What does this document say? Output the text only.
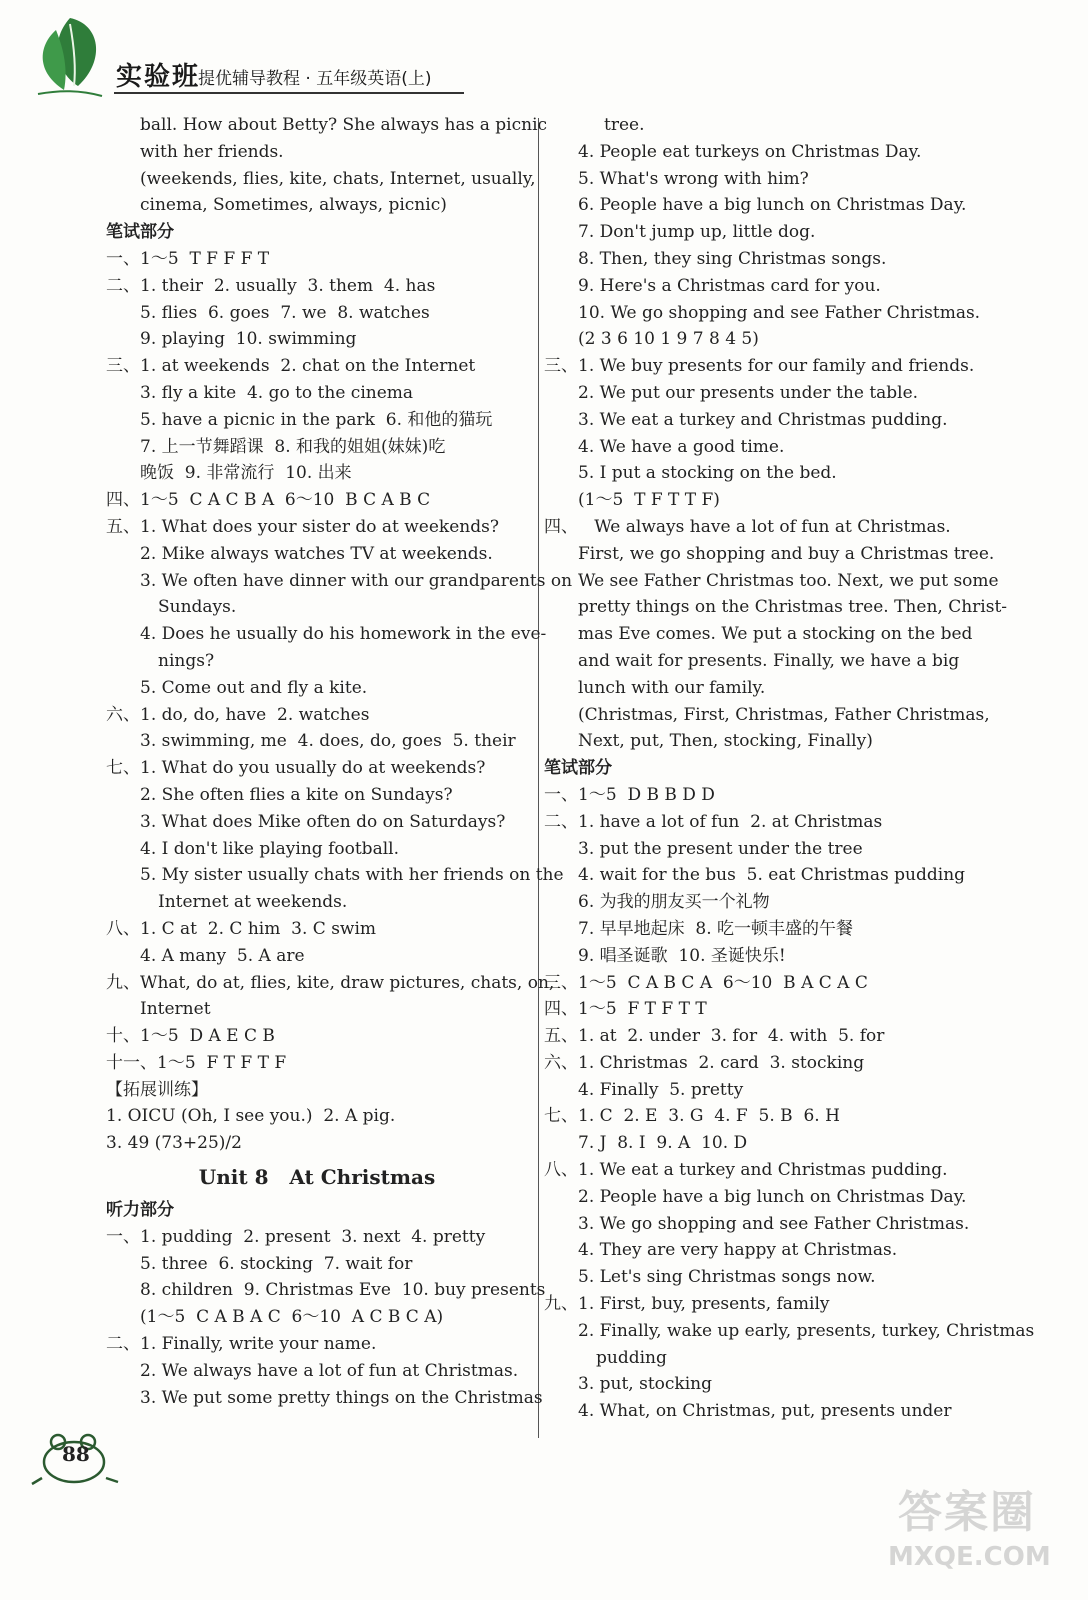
实验班
提优辅导教程 · 五年级英语(上)
ball. How about Betty? She always has a picnic
with her friends.
(weekends, flies, kite, chats, Internet, usually,
cinema, Sometimes, always, picnic)
笔试部分
一、1～5  T F F F T
二、1. their  2. usually  3. them  4. has
5. flies  6. goes  7. we  8. watches
9. playing  10. swimming
三、1. at weekends  2. chat on the Internet
3. fly a kite  4. go to the cinema
5. have a picnic in the park  6. 和他的猫玩
7. 上一节舞蹈课  8. 和我的姐姐(妹妹)吃
晚饭  9. 非常流行  10. 出来
四、1～5  C A C B A  6～10  B C A B C
五、1. What does your sister do at weekends?
2. Mike always watches TV at weekends.
3. We often have dinner with our grandparents on
Sundays.
4. Does he usually do his homework in the eve-
nings?
5. Come out and fly a kite.
六、1. do, do, have  2. watches
3. swimming, me  4. does, do, goes  5. their
七、1. What do you usually do at weekends?
2. She often flies a kite on Sundays?
3. What does Mike often do on Saturdays?
4. I don't like playing football.
5. My sister usually chats with her friends on the
Internet at weekends.
八、1. C at  2. C him  3. C swim
4. A many  5. A are
九、What, do at, flies, kite, draw pictures, chats, on,
Internet
十、1～5  D A E C B
十一、1～5  F T F T F
【拓展训练】
1. OICU (Oh, I see you.)  2. A pig.
3. 49 (73+25)/2
Unit 8   At Christmas
听力部分
一、1. pudding  2. present  3. next  4. pretty
5. three  6. stocking  7. wait for
8. children  9. Christmas Eve  10. buy presents
(1～5  C A B A C  6～10  A C B C A)
二、1. Finally, write your name.
2. We always have a lot of fun at Christmas.
3. We put some pretty things on the Christmas
tree.
4. People eat turkeys on Christmas Day.
5. What's wrong with him?
6. People have a big lunch on Christmas Day.
7. Don't jump up, little dog.
8. Then, they sing Christmas songs.
9. Here's a Christmas card for you.
10. We go shopping and see Father Christmas.
(2 3 6 10 1 9 7 8 4 5)
三、1. We buy presents for our family and friends.
2. We put our presents under the table.
3. We eat a turkey and Christmas pudding.
4. We have a good time.
5. I put a stocking on the bed.
(1～5  T F T T F)
四、   We always have a lot of fun at Christmas.
First, we go shopping and buy a Christmas tree.
We see Father Christmas too. Next, we put some
pretty things on the Christmas tree. Then, Christ-
mas Eve comes. We put a stocking on the bed
and wait for presents. Finally, we have a big
lunch with our family.
(Christmas, First, Christmas, Father Christmas,
Next, put, Then, stocking, Finally)
笔试部分
一、1～5  D B B D D
二、1. have a lot of fun  2. at Christmas
3. put the present under the tree
4. wait for the bus  5. eat Christmas pudding
6. 为我的朋友买一个礼物
7. 早早地起床  8. 吃一顿丰盛的午餐
9. 唱圣诞歌  10. 圣诞快乐!
三、1～5  C A B C A  6～10  B A C A C
四、1～5  F T F T T
五、1. at  2. under  3. for  4. with  5. for
六、1. Christmas  2. card  3. stocking
4. Finally  5. pretty
七、1. C  2. E  3. G  4. F  5. B  6. H
7. J  8. I  9. A  10. D
八、1. We eat a turkey and Christmas pudding.
2. People have a big lunch on Christmas Day.
3. We go shopping and see Father Christmas.
4. They are very happy at Christmas.
5. Let's sing Christmas songs now.
九、1. First, buy, presents, family
2. Finally, wake up early, presents, turkey, Christmas
pudding
3. put, stocking
4. What, on Christmas, put, presents under
88
答案圈
MXQE.COM
